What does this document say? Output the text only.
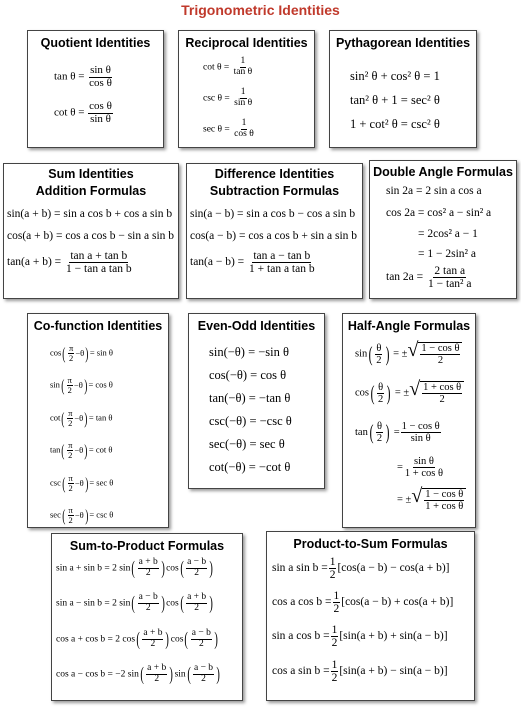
Trigonometric Identities
Quotient Identities
$\tan \theta = \frac{\text{sin θ}}{\text{cos θ}}$
$\cot \theta = \frac{\text{cos θ}}{\text{sin θ}}$
Reciprocal Identities
$\cot \theta = \frac{1}{\text{tan θ}}$
$\csc \theta = \frac{1}{\text{sin θ}}$
$\sec \theta = \frac{1}{\text{cos θ}}$
Pythagorean Identities
sin² θ + cos² θ = 1
tan² θ + 1 = sec² θ
1 + cot² θ = csc² θ
Sum Identities
Addition Formulas
sin(a + b) = sin a cos b + cos a sin b
cos(a + b) = cos a cos b − sin a sin b
$\tan(a + b) = \frac{\text{tan a + tan b}}{\text{1 − tan a tan b}}$
Difference Identities
Subtraction Formulas
sin(a − b) = sin a cos b − cos a sin b
cos(a − b) = cos a cos b + sin a sin b
$\tan(a - b) = \frac{\text{tan a − tan b}}{\text{1 + tan a tan b}}$
Double Angle Formulas
sin 2a = 2 sin a cos a
cos 2a = cos² a − sin² a
= 2cos² a − 1
= 1 − 2sin² a
$\tan 2a = \frac{\text{2 tan a}}{\text{1 − tan² a}}$
Co-function Identities
cos ( π
2 − θ ) = sin θ
sin ( π
2 − θ ) = cos θ
cot ( π
2 − θ ) = tan θ
tan ( π
2 − θ ) = cot θ
csc ( π
2 − θ ) = sec θ
sec ( π
2 − θ ) = csc θ
Even-Odd Identities
sin(−θ) = −sin θ
cos(−θ) = cos θ
tan(−θ) = −tan θ
csc(−θ) = −csc θ
sec(−θ) = sec θ
cot(−θ) = −cot θ
Half-Angle Formulas
sin ( θ
2 ) = ± √ 1 − cos θ
2
cos ( θ
2 ) = ± √ 1 + cos θ
2
tan ( θ
2 ) = $\frac{\text{1 − cos θ}}{\text{sin θ}}$
= $\frac{\text{sin θ}}{\text{1 + cos θ}}$
= ± √ 1 − cos θ
1 + cos θ
Sum-to-Product Formulas
sin a + sin b = 2 sin ( a + b
2 ) cos ( a − b
2 )
sin a − sin b = 2 sin ( a − b
2 ) cos ( a + b
2 )
cos a + cos b = 2 cos ( a + b
2 ) cos ( a − b
2 )
cos a − cos b = −2 sin ( a + b
2 ) sin ( a − b
2 )
Product-to-Sum Formulas
sin a $\sin b = \frac{1}{2} [\cos(a - b) - \cos(a + b)]$
cos a $\cos b = \frac{1}{2} [\cos(a - b) + \cos(a + b)]$
sin a $\cos b = \frac{1}{2} [\sin(a + b) + \sin(a - b)]$
cos a $\sin b = \frac{1}{2} [\sin(a + b) - \sin(a - b)]$
